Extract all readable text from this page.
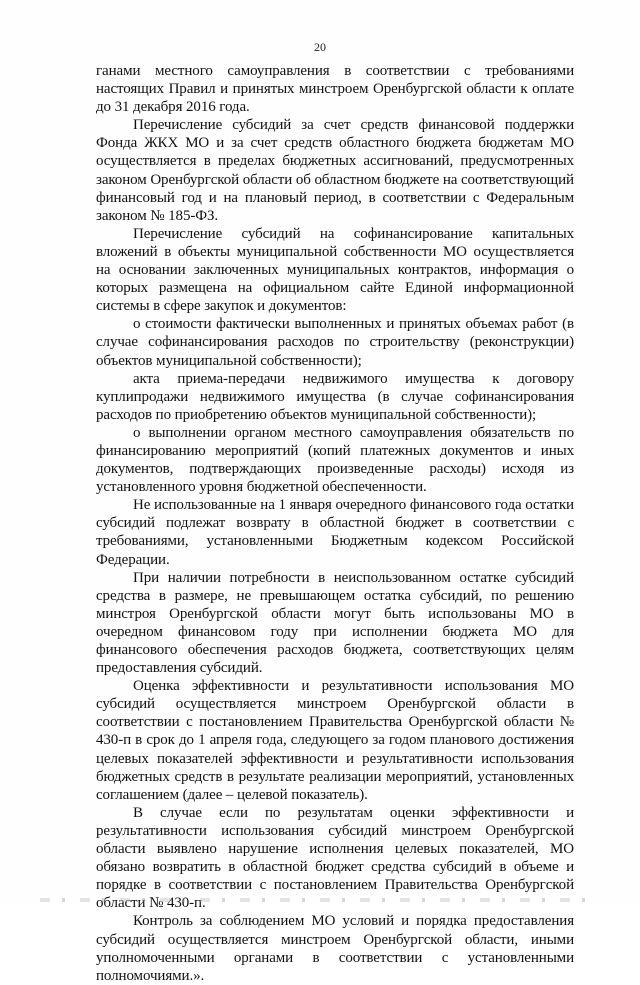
20

ганами местного самоуправления в соответствии с требованиями настоящих Правил и принятых минстроем Оренбургской области к оплате до 31 декабря 2016 года.

Перечисление субсидий за счет средств финансовой поддержки Фонда ЖКХ МО и за счет средств областного бюджета бюджетам МО осуществляется в пределах бюджетных ассигнований, предусмотренных законом Оренбургской области об областном бюджете на соответствующий финансовый год и на плановый период, в соответствии с Федеральным законом № 185-ФЗ.

Перечисление субсидий на софинансирование капитальных вложений в объекты муниципальной собственности МО осуществляется на основании заключенных муниципальных контрактов, информация о которых размещена на официальном сайте Единой информационной системы в сфере закупок и документов:

о стоимости фактически выполненных и принятых объемах работ (в случае софинансирования расходов по строительству (реконструкции) объектов муниципальной собственности);

акта приема-передачи недвижимого имущества к договору куплипродажи недвижимого имущества (в случае софинансирования расходов по приобретению объектов муниципальной собственности);

о выполнении органом местного самоуправления обязательств по финансированию мероприятий (копий платежных документов и иных документов, подтверждающих произведенные расходы) исходя из установленного уровня бюджетной обеспеченности.

Не использованные на 1 января очередного финансового года остатки субсидий подлежат возврату в областной бюджет в соответствии с требованиями, установленными Бюджетным кодексом Российской Федерации.

При наличии потребности в неиспользованном остатке субсидий средства в размере, не превышающем остатка субсидий, по решению минстроя Оренбургской области могут быть использованы МО в очередном финансовом году при исполнении бюджета МО для финансового обеспечения расходов бюджета, соответствующих целям предоставления субсидий.

Оценка эффективности и результативности использования МО субсидий осуществляется минстроем Оренбургской области в соответствии с постановлением Правительства Оренбургской области № 430-п в срок до 1 апреля года, следующего за годом планового достижения целевых показателей эффективности и результативности использования бюджетных средств в результате реализации мероприятий, установленных соглашением (далее – целевой показатель).

В случае если по результатам оценки эффективности и результативности использования субсидий минстроем Оренбургской области выявлено нарушение исполнения целевых показателей, МО обязано возвратить в областной бюджет средства субсидий в объеме и порядке в соответствии с постановлением Правительства Оренбургской области № 430-п.

Контроль за соблюдением МО условий и порядка предоставления субсидий осуществляется минстроем Оренбургской области, иными уполномоченными органами в соответствии с установленными полномочиями.».
